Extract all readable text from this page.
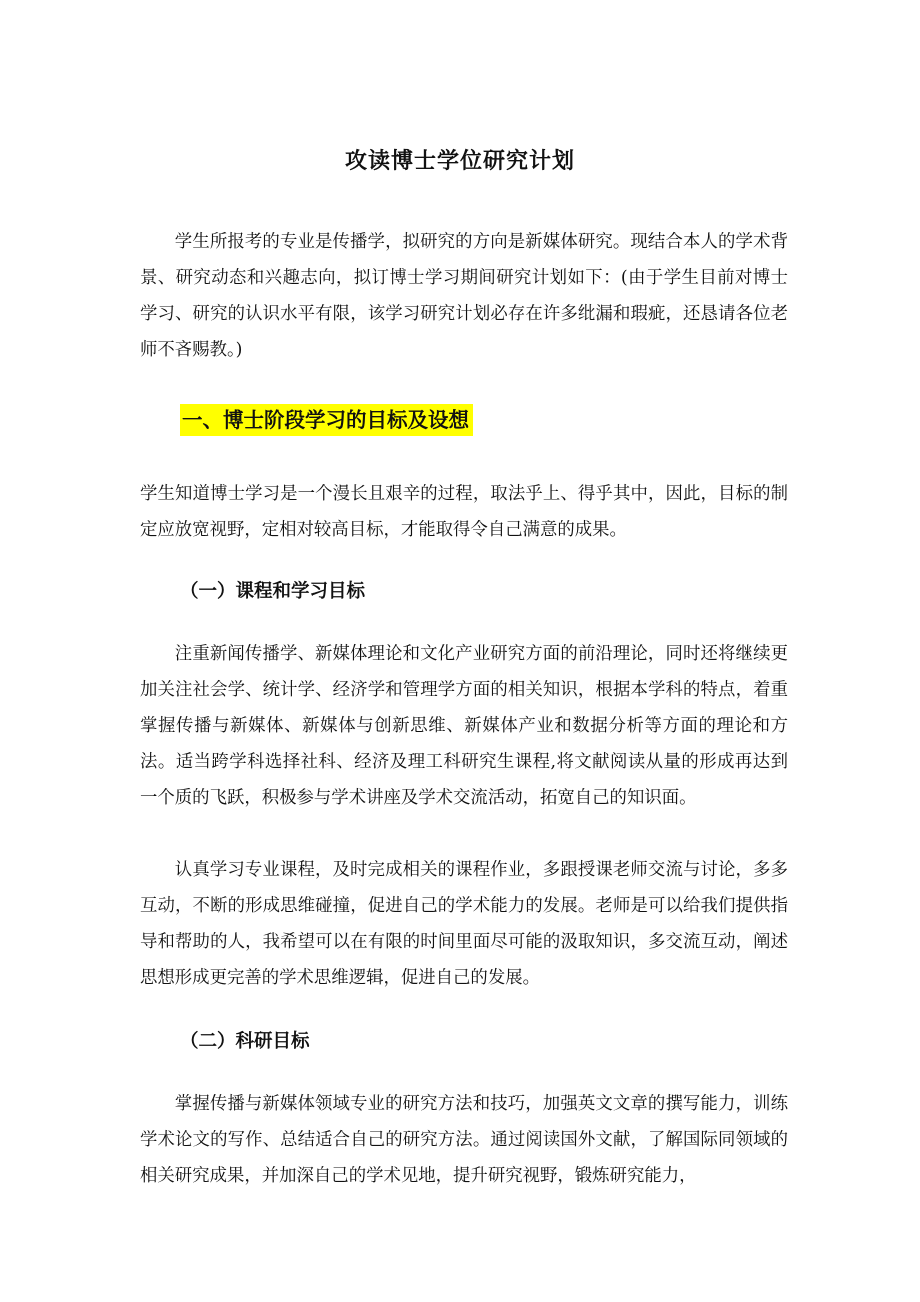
攻读博士学位研究计划

学生所报考的专业是传播学，拟研究的方向是新媒体研究。现结合本人的学术背景、研究动态和兴趣志向，拟订博士学习期间研究计划如下：(由于学生目前对博士学习、研究的认识水平有限，该学习研究计划必存在许多纰漏和瑕疵，还恳请各位老师不吝赐教。)

一、博士阶段学习的目标及设想

学生知道博士学习是一个漫长且艰辛的过程，取法乎上、得乎其中，因此，目标的制定应放宽视野，定相对较高目标，才能取得令自己满意的成果。

（一）课程和学习目标

注重新闻传播学、新媒体理论和文化产业研究方面的前沿理论，同时还将继续更加关注社会学、统计学、经济学和管理学方面的相关知识，根据本学科的特点，着重掌握传播与新媒体、新媒体与创新思维、新媒体产业和数据分析等方面的理论和方法。适当跨学科选择社科、经济及理工科研究生课程,将文献阅读从量的形成再达到一个质的飞跃，积极参与学术讲座及学术交流活动，拓宽自己的知识面。

认真学习专业课程，及时完成相关的课程作业，多跟授课老师交流与讨论，多多互动，不断的形成思维碰撞，促进自己的学术能力的发展。老师是可以给我们提供指导和帮助的人，我希望可以在有限的时间里面尽可能的汲取知识，多交流互动，阐述思想形成更完善的学术思维逻辑，促进自己的发展。

（二）科研目标

掌握传播与新媒体领域专业的研究方法和技巧，加强英文文章的撰写能力，训练学术论文的写作、总结适合自己的研究方法。通过阅读国外文献，了解国际同领域的相关研究成果，并加深自己的学术见地，提升研究视野，锻炼研究能力，
